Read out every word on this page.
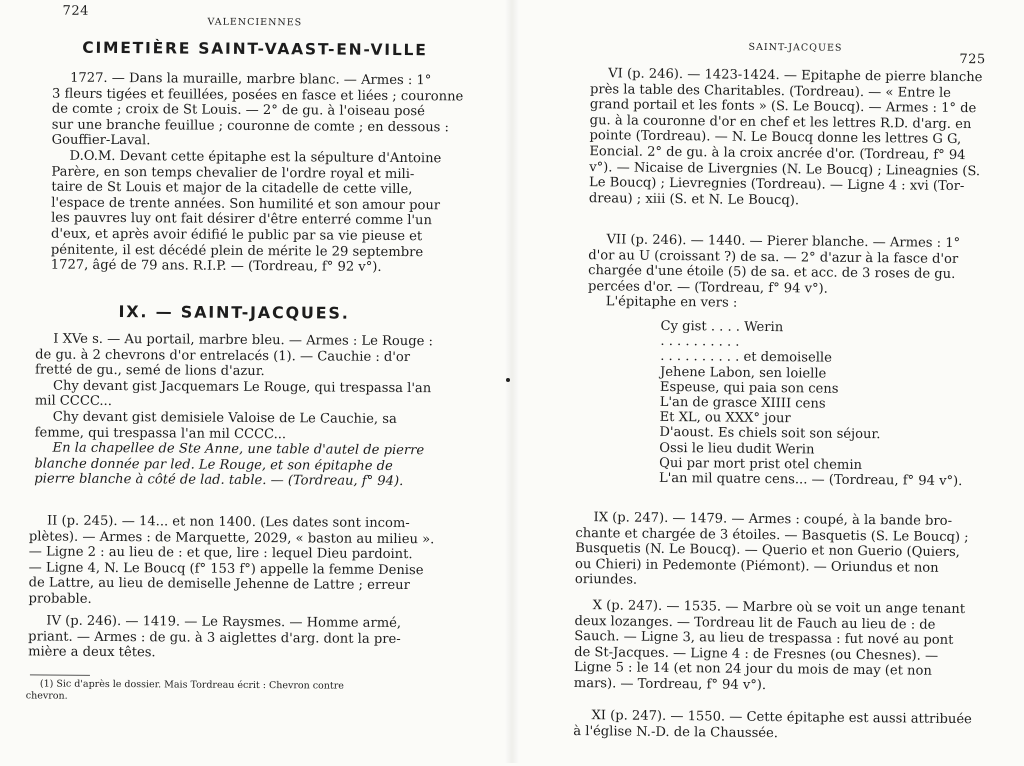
724
VALENCIENNES
CIMETIÈRE SAINT-VAAST-EN-VILLE
1727. — Dans la muraille, marbre blanc. — Armes : 1°
3 fleurs tigées et feuillées, posées en fasce et liées ; couronne
de comte ; croix de St Louis. — 2° de gu. à l'oiseau posé
sur une branche feuillue ; couronne de comte ; en dessous :
Gouffier-Laval.
D.O.M. Devant cette épitaphe est la sépulture d'Antoine
Parère, en son temps chevalier de l'ordre royal et mili-
taire de St Louis et major de la citadelle de cette ville,
l'espace de trente années. Son humilité et son amour pour
les pauvres luy ont fait désirer d'être enterré comme l'un
d'eux, et après avoir édifié le public par sa vie pieuse et
pénitente, il est décédé plein de mérite le 29 septembre
1727, âgé de 79 ans. R.I.P. — (Tordreau, f° 92 v°).
IX. — SAINT-JACQUES.
I XVe s. — Au portail, marbre bleu. — Armes : Le Rouge :
de gu. à 2 chevrons d'or entrelacés (1). — Cauchie : d'or
fretté de gu., semé de lions d'azur.
Chy devant gist Jacquemars Le Rouge, qui trespassa l'an
mil CCCC...
Chy devant gist demisiele Valoise de Le Cauchie, sa
femme, qui trespassa l'an mil CCCC...
En la chapellee de Ste Anne, une table d'autel de pierre
blanche donnée par led. Le Rouge, et son épitaphe de
pierre blanche à côté de lad. table. — (Tordreau, f° 94).
II (p. 245). — 14... et non 1400. (Les dates sont incom-
plètes). — Armes : de Marquette, 2029, « baston au milieu ».
— Ligne 2 : au lieu de : et que, lire : lequel Dieu pardoint.
— Ligne 4, N. Le Boucq (f° 153 f°) appelle la femme Denise
de Lattre, au lieu de demiselle Jehenne de Lattre ; erreur
probable.
IV (p. 246). — 1419. — Le Raysmes. — Homme armé,
priant. — Armes : de gu. à 3 aiglettes d'arg. dont la pre-
mière a deux têtes.
(1) Sic d'après le dossier. Mais Tordreau écrit : Chevron contre
chevron.
SAINT-JACQUES
725
VI (p. 246). — 1423-1424. — Epitaphe de pierre blanche
près la table des Charitables. (Tordreau). — « Entre le
grand portail et les fonts » (S. Le Boucq). — Armes : 1° de
gu. à la couronne d'or en chef et les lettres R.D. d'arg. en
pointe (Tordreau). — N. Le Boucq donne les lettres G G,
Eoncial. 2° de gu. à la croix ancrée d'or. (Tordreau, f° 94
v°). — Nicaise de Livergnies (N. Le Boucq) ; Lineagnies (S.
Le Boucq) ; Lievregnies (Tordreau). — Ligne 4 : xvi (Tor-
dreau) ; xiii (S. et N. Le Boucq).
VII (p. 246). — 1440. — Pierer blanche. — Armes : 1°
d'or au U (croissant ?) de sa. — 2° d'azur à la fasce d'or
chargée d'une étoile (5) de sa. et acc. de 3 roses de gu.
percées d'or. — (Tordreau, f° 94 v°).
L'épitaphe en vers :
Cy gist . . . . Werin
. . . . . . . . . .
. . . . . . . . . . et demoiselle
Jehene Labon, sen loielle
Espeuse, qui paia son cens
L'an de grasce XIIII cens
Et XL, ou XXX° jour
D'aoust. Es chiels soit son séjour.
Ossi le lieu dudit Werin
Qui par mort prist otel chemin
L'an mil quatre cens... — (Tordreau, f° 94 v°).
IX (p. 247). — 1479. — Armes : coupé, à la bande bro-
chante et chargée de 3 étoiles. — Basquetis (S. Le Boucq) ;
Busquetis (N. Le Boucq). — Querio et non Guerio (Quiers,
ou Chieri) in Pedemonte (Piémont). — Oriundus et non
oriundes.
X (p. 247). — 1535. — Marbre où se voit un ange tenant
deux lozanges. — Tordreau lit de Fauch au lieu de : de
Sauch. — Ligne 3, au lieu de trespassa : fut nové au pont
de St-Jacques. — Ligne 4 : de Fresnes (ou Chesnes). —
Ligne 5 : le 14 (et non 24 jour du mois de may (et non
mars). — Tordreau, f° 94 v°).
XI (p. 247). — 1550. — Cette épitaphe est aussi attribuée
à l'église N.-D. de la Chaussée.
